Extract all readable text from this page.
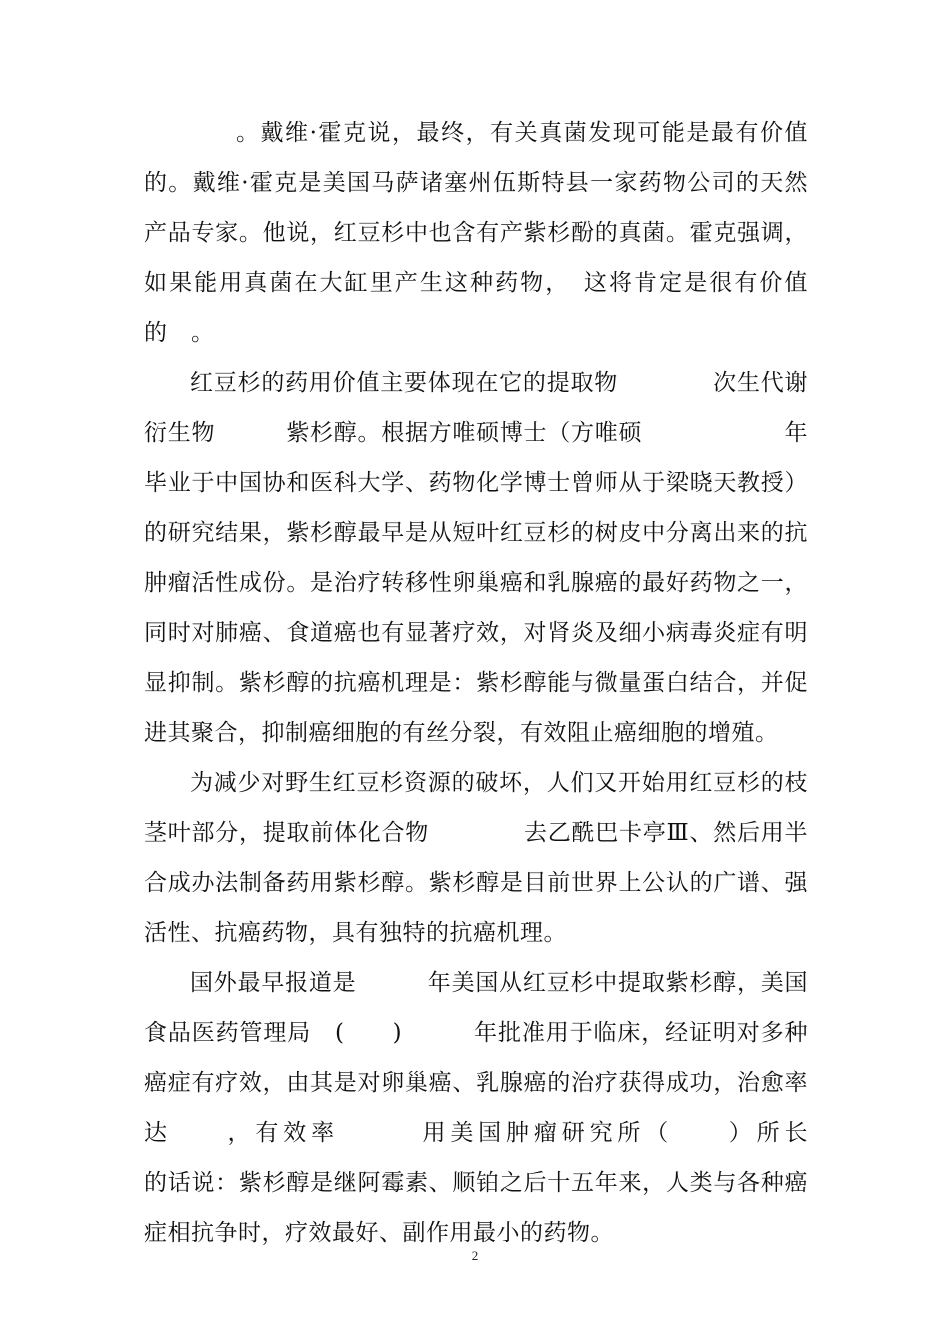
。戴维·霍克说，最终，有关真菌发现可能是最有价值的。戴维·霍克是美国马萨诸塞州伍斯特县一家药物公司的天然产品专家。他说，红豆杉中也含有产紫杉酚的真菌。霍克强调，如果能用真菌在大缸里产生这种药物，　这将肯定是很有价值的　。

红豆杉的药用价值主要体现在它的提取物　　　　次生代谢衍生物　　　紫杉醇。根据方唯硕博士（方唯硕　　　　　　年毕业于中国协和医科大学、药物化学博士曾师从于梁晓天教授）的研究结果，紫杉醇最早是从短叶红豆杉的树皮中分离出来的抗肿瘤活性成份。是治疗转移性卵巢癌和乳腺癌的最好药物之一，同时对肺癌、食道癌也有显著疗效，对肾炎及细小病毒炎症有明显抑制。紫杉醇的抗癌机理是：紫杉醇能与微量蛋白结合，并促进其聚合，抑制癌细胞的有丝分裂，有效阻止癌细胞的增殖。

为减少对野生红豆杉资源的破坏，人们又开始用红豆杉的枝茎叶部分，提取前体化合物　　　　去乙酰巴卡亭Ⅲ、然后用半合成办法制备药用紫杉醇。紫杉醇是目前世界上公认的广谱、强活性、抗癌药物，具有独特的抗癌机理。

国外最早报道是　　　年美国从红豆杉中提取紫杉醇，美国食品医药管理局　(　　)　　　年批准用于临床，经证明对多种癌症有疗效，由其是对卵巢癌、乳腺癌的治疗获得成功，治愈率达　　，有效率　　　用美国肿瘤研究所（　　）所长　　　　　的话说：紫杉醇是继阿霉素、顺铂之后十五年来，人类与各种癌症相抗争时，疗效最好、副作用最小的药物。

2
